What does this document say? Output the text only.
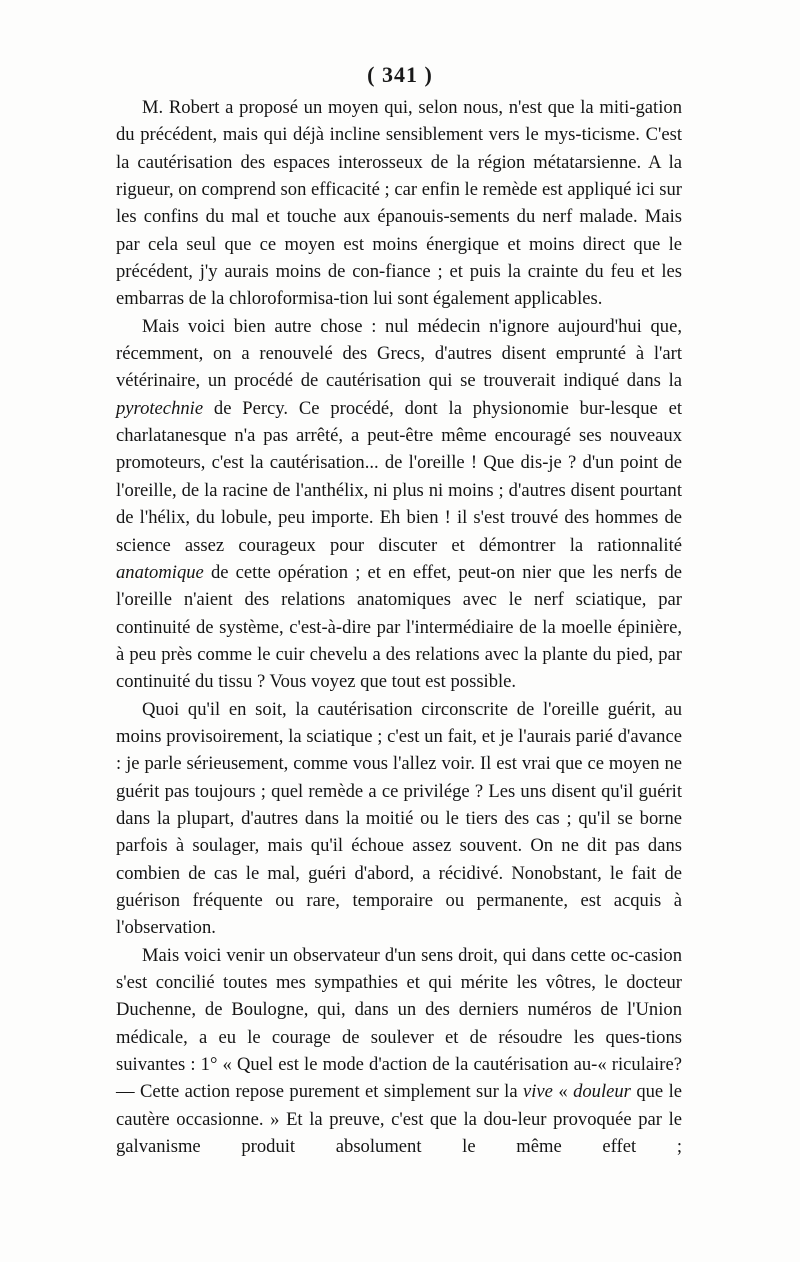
( 341 )

M. Robert a proposé un moyen qui, selon nous, n'est que la miti-gation du précédent, mais qui déjà incline sensiblement vers le mys-ticisme. C'est la cautérisation des espaces interosseux de la région métatarsienne. A la rigueur, on comprend son efficacité ; car enfin le remède est appliqué ici sur les confins du mal et touche aux épanouis-sements du nerf malade. Mais par cela seul que ce moyen est moins énergique et moins direct que le précédent, j'y aurais moins de con-fiance ; et puis la crainte du feu et les embarras de la chloroformisa-tion lui sont également applicables.

Mais voici bien autre chose : nul médecin n'ignore aujourd'hui que, récemment, on a renouvelé des Grecs, d'autres disent emprunté à l'art vétérinaire, un procédé de cautérisation qui se trouverait indiqué dans la pyrotechnie de Percy. Ce procédé, dont la physionomie bur-lesque et charlatanesque n'a pas arrêté, a peut-être même encouragé ses nouveaux promoteurs, c'est la cautérisation... de l'oreille ! Que dis-je ? d'un point de l'oreille, de la racine de l'anthélix, ni plus ni moins ; d'autres disent pourtant de l'hélix, du lobule, peu importe. Eh bien ! il s'est trouvé des hommes de science assez courageux pour discuter et démontrer la rationnalité anatomique de cette opération ; et en effet, peut-on nier que les nerfs de l'oreille n'aient des relations anatomiques avec le nerf sciatique, par continuité de système, c'est-à-dire par l'intermédiaire de la moelle épinière, à peu près comme le cuir chevelu a des relations avec la plante du pied, par continuité du tissu ? Vous voyez que tout est possible.

Quoi qu'il en soit, la cautérisation circonscrite de l'oreille guérit, au moins provisoirement, la sciatique ; c'est un fait, et je l'aurais parié d'avance : je parle sérieusement, comme vous l'allez voir. Il est vrai que ce moyen ne guérit pas toujours ; quel remède a ce privilége ? Les uns disent qu'il guérit dans la plupart, d'autres dans la moitié ou le tiers des cas ; qu'il se borne parfois à soulager, mais qu'il échoue assez souvent. On ne dit pas dans combien de cas le mal, guéri d'abord, a récidivé. Nonobstant, le fait de guérison fréquente ou rare, temporaire ou permanente, est acquis à l'observation.

Mais voici venir un observateur d'un sens droit, qui dans cette oc-casion s'est concilié toutes mes sympathies et qui mérite les vôtres, le docteur Duchenne, de Boulogne, qui, dans un des derniers numéros de l'Union médicale, a eu le courage de soulever et de résoudre les ques-tions suivantes : 1° « Quel est le mode d'action de la cautérisation au-« riculaire? — Cette action repose purement et simplement sur la vive « douleur que le cautère occasionne. » Et la preuve, c'est que la dou-leur provoquée par le galvanisme produit absolument le même effet ;
